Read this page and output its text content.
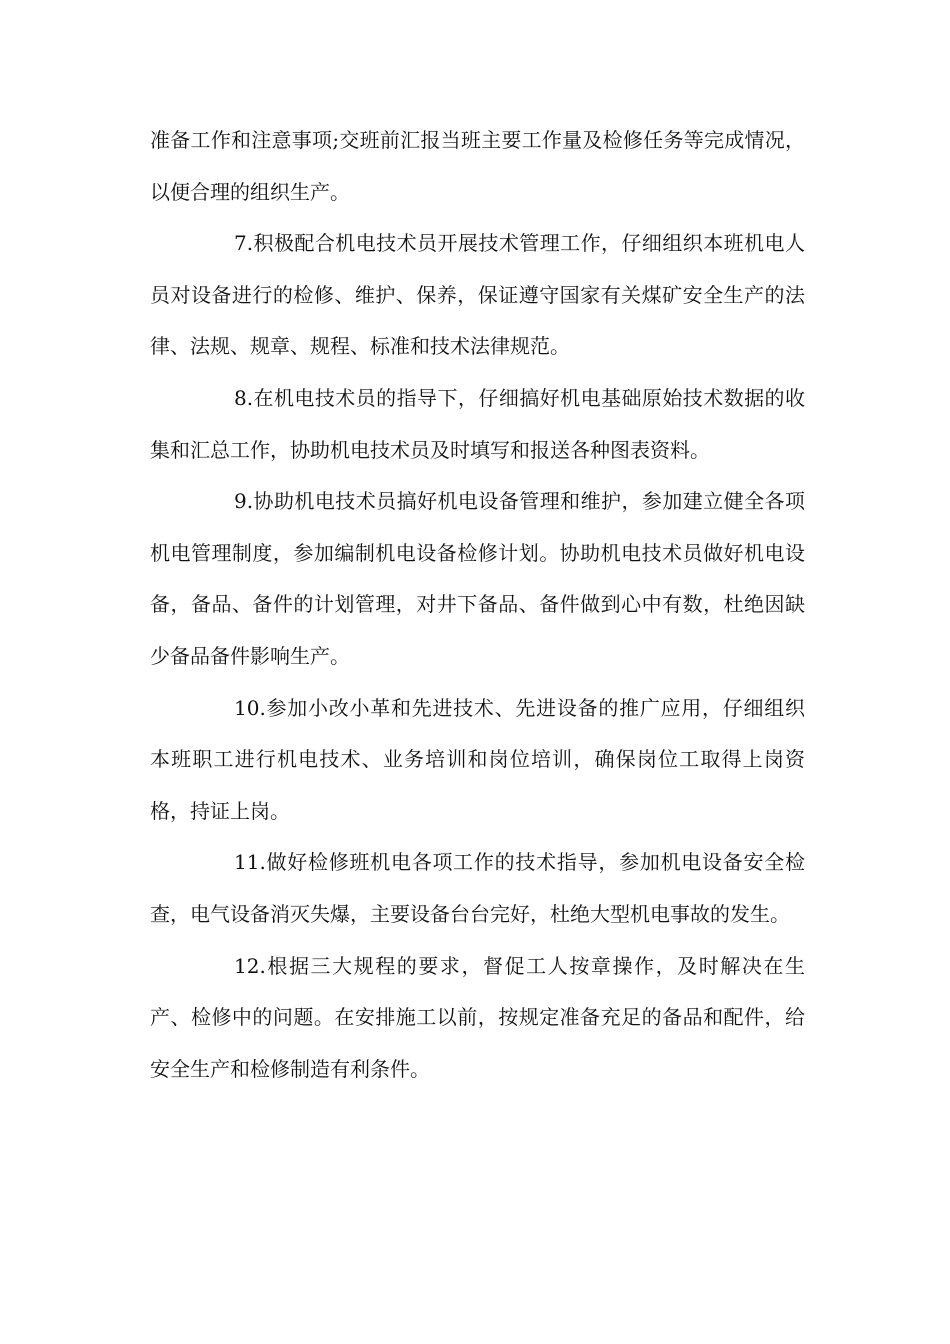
准备工作和注意事项;交班前汇报当班主要工作量及检修任务等完成情况，以便合理的组织生产。

7.积极配合机电技术员开展技术管理工作，仔细组织本班机电人员对设备进行的检修、维护、保养，保证遵守国家有关煤矿安全生产的法律、法规、规章、规程、标准和技术法律规范。

8.在机电技术员的指导下，仔细搞好机电基础原始技术数据的收集和汇总工作，协助机电技术员及时填写和报送各种图表资料。

9.协助机电技术员搞好机电设备管理和维护，参加建立健全各项机电管理制度，参加编制机电设备检修计划。协助机电技术员做好机电设备，备品、备件的计划管理，对井下备品、备件做到心中有数，杜绝因缺少备品备件影响生产。

10.参加小改小革和先进技术、先进设备的推广应用，仔细组织本班职工进行机电技术、业务培训和岗位培训，确保岗位工取得上岗资格，持证上岗。

11.做好检修班机电各项工作的技术指导，参加机电设备安全检查，电气设备消灭失爆，主要设备台台完好，杜绝大型机电事故的发生。

12.根据三大规程的要求，督促工人按章操作，及时解决在生产、检修中的问题。在安排施工以前，按规定准备充足的备品和配件，给安全生产和检修制造有利条件。
